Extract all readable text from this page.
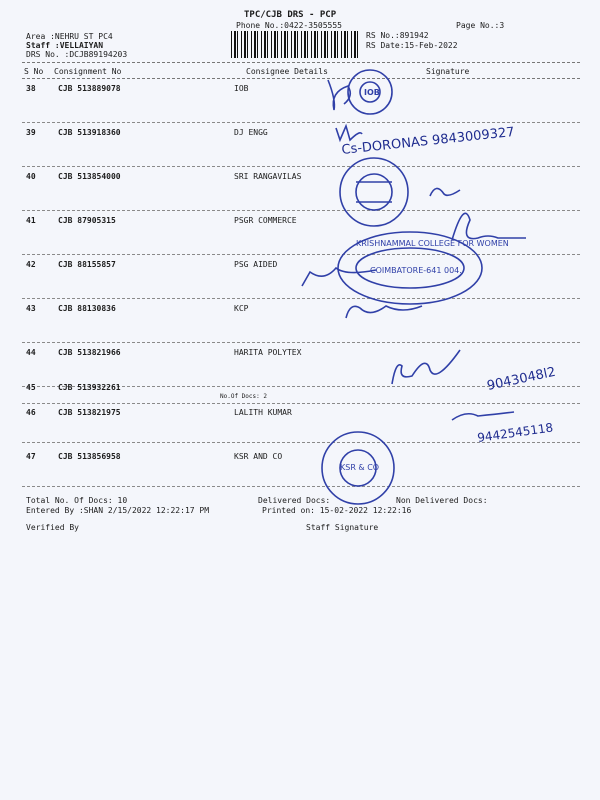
TPC/CJB DRS - PCP
Phone No.:0422-3505555	Page No.:3
Area :NEHRU ST PC4
Staff :VELLAIYAN
DRS No. :DCJB89194203
RS No.:891942
RS Date:15-Feb-2022
S No Consignment No	Consignee Details	Signature
38	CJB 513889078	IOB
39	CJB 513918360	DJ ENGG
40	CJB 513854000	SRI RANGAVILAS
41	CJB 87905315	PSGR COMMERCE
42	CJB 88155857	PSG AIDED
43	CJB 88130836	KCP
44	CJB 513821966	HARITA POLYTEX
45	CJB 513932261
No.Of Docs: 2
46	CJB 513821975	LALITH KUMAR
47	CJB 513856958	KSR AND CO
Total No. Of Docs: 10
Entered By :SHAN 2/15/2022 12:22:17 PM
Delivered Docs:
Printed on: 15-02-2022 12:22:16
Non Delivered Docs:
Verified By	Staff Signature
IOB
KRISHNAMMAL COLLEGE FOR WOMEN
COIMBATORE-641 004.
KSR & CO
Cs-DORONAS 9843009327
9043048l2
9442545118
